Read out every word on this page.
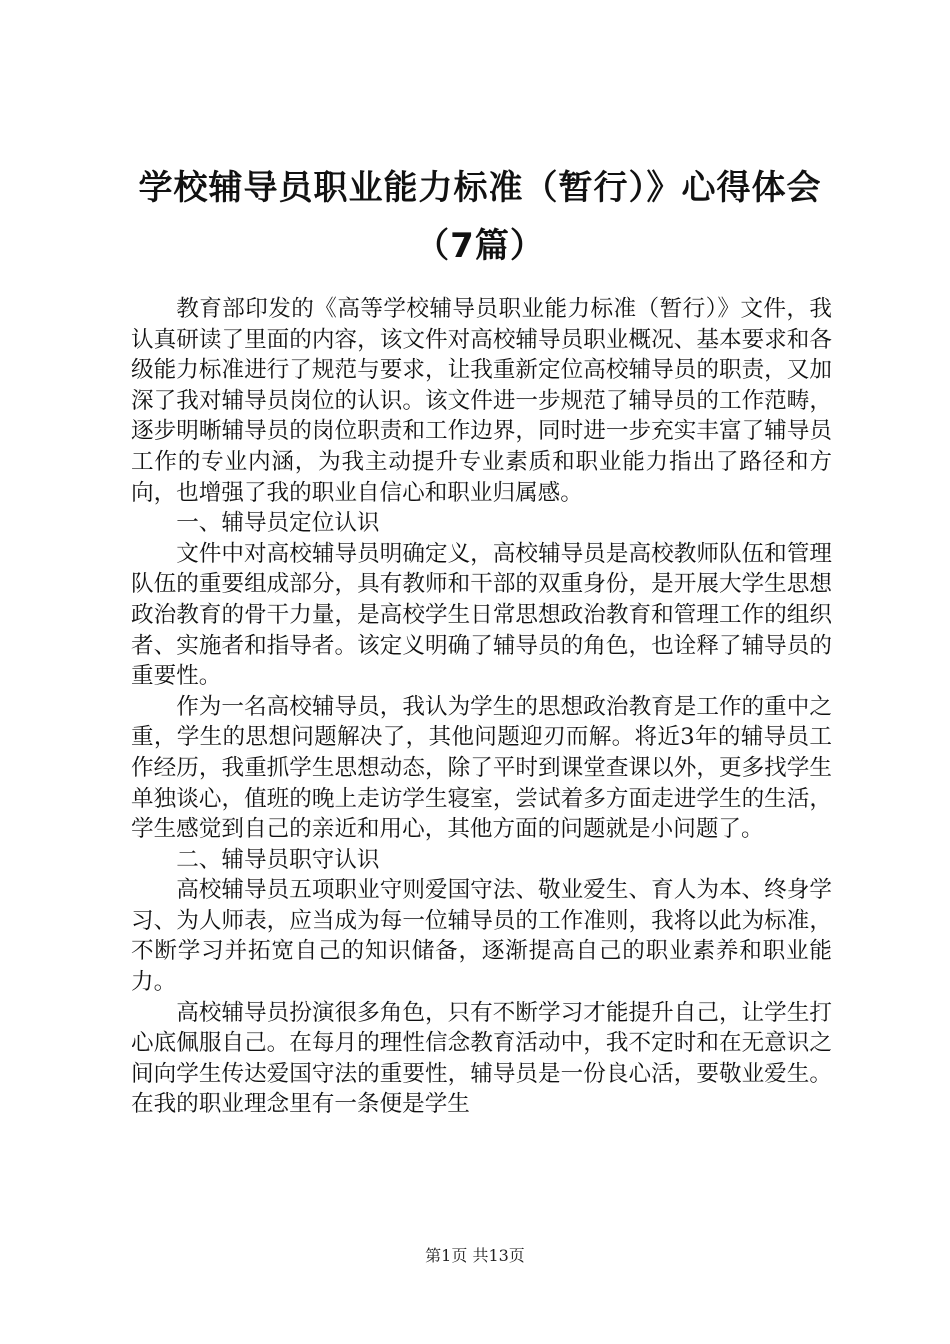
学校辅导员职业能力标准（暂行）》心得体会
（7篇）

教育部印发的《高等学校辅导员职业能力标准（暂行）》文件，我认真研读了里面的内容，该文件对高校辅导员职业概况、基本要求和各级能力标准进行了规范与要求，让我重新定位高校辅导员的职责，又加深了我对辅导员岗位的认识。该文件进一步规范了辅导员的工作范畴，逐步明晰辅导员的岗位职责和工作边界，同时进一步充实丰富了辅导员工作的专业内涵，为我主动提升专业素质和职业能力指出了路径和方向，也增强了我的职业自信心和职业归属感。

一、辅导员定位认识

文件中对高校辅导员明确定义，高校辅导员是高校教师队伍和管理队伍的重要组成部分，具有教师和干部的双重身份，是开展大学生思想政治教育的骨干力量，是高校学生日常思想政治教育和管理工作的组织者、实施者和指导者。该定义明确了辅导员的角色，也诠释了辅导员的重要性。

作为一名高校辅导员，我认为学生的思想政治教育是工作的重中之重，学生的思想问题解决了，其他问题迎刃而解。将近3年的辅导员工作经历，我重抓学生思想动态，除了平时到课堂查课以外，更多找学生单独谈心，值班的晚上走访学生寝室，尝试着多方面走进学生的生活，学生感觉到自己的亲近和用心，其他方面的问题就是小问题了。

二、辅导员职守认识

高校辅导员五项职业守则爱国守法、敬业爱生、育人为本、终身学习、为人师表，应当成为每一位辅导员的工作准则，我将以此为标准，不断学习并拓宽自己的知识储备，逐渐提高自己的职业素养和职业能力。

高校辅导员扮演很多角色，只有不断学习才能提升自己，让学生打心底佩服自己。在每月的理性信念教育活动中，我不定时和在无意识之间向学生传达爱国守法的重要性，辅导员是一份良心活，要敬业爱生。在我的职业理念里有一条便是学生

第1页 共13页
